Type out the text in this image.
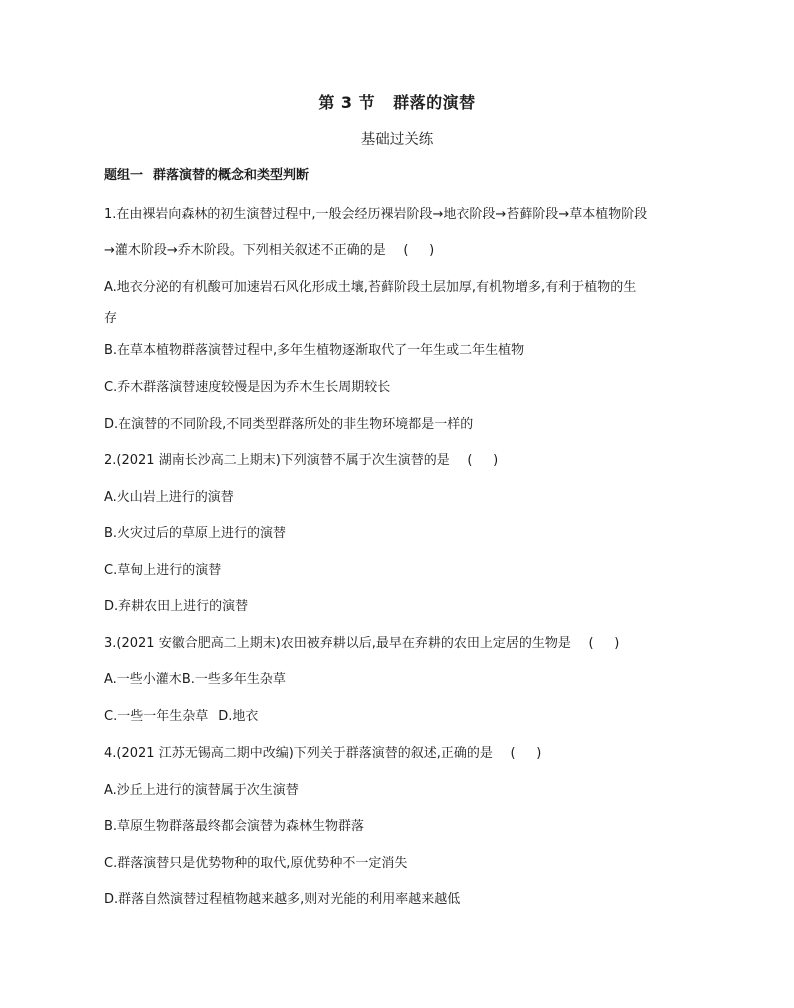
第 3 节 群落的演替
基础过关练
题组一 群落演替的概念和类型判断
1.在由裸岩向森林的初生演替过程中,一般会经历裸岩阶段→地衣阶段→苔藓阶段→草本植物阶段
→灌木阶段→乔木阶段。下列相关叙述不正确的是 ( )
A.地衣分泌的有机酸可加速岩石风化形成土壤,苔藓阶段土层加厚,有机物增多,有利于植物的生
存
B.在草本植物群落演替过程中,多年生植物逐渐取代了一年生或二年生植物
C.乔木群落演替速度较慢是因为乔木生长周期较长
D.在演替的不同阶段,不同类型群落所处的非生物环境都是一样的
2.(2021 湖南长沙高二上期末)下列演替不属于次生演替的是 ( )
A.火山岩上进行的演替
B.火灾过后的草原上进行的演替
C.草甸上进行的演替
D.弃耕农田上进行的演替
3.(2021 安徽合肥高二上期末)农田被弃耕以后,最早在弃耕的农田上定居的生物是 ( )
A.一些小灌木B.一些多年生杂草
C.一些一年生杂草 D.地衣
4.(2021 江苏无锡高二期中改编)下列关于群落演替的叙述,正确的是 ( )
A.沙丘上进行的演替属于次生演替
B.草原生物群落最终都会演替为森林生物群落
C.群落演替只是优势物种的取代,原优势种不一定消失
D.群落自然演替过程植物越来越多,则对光能的利用率越来越低
